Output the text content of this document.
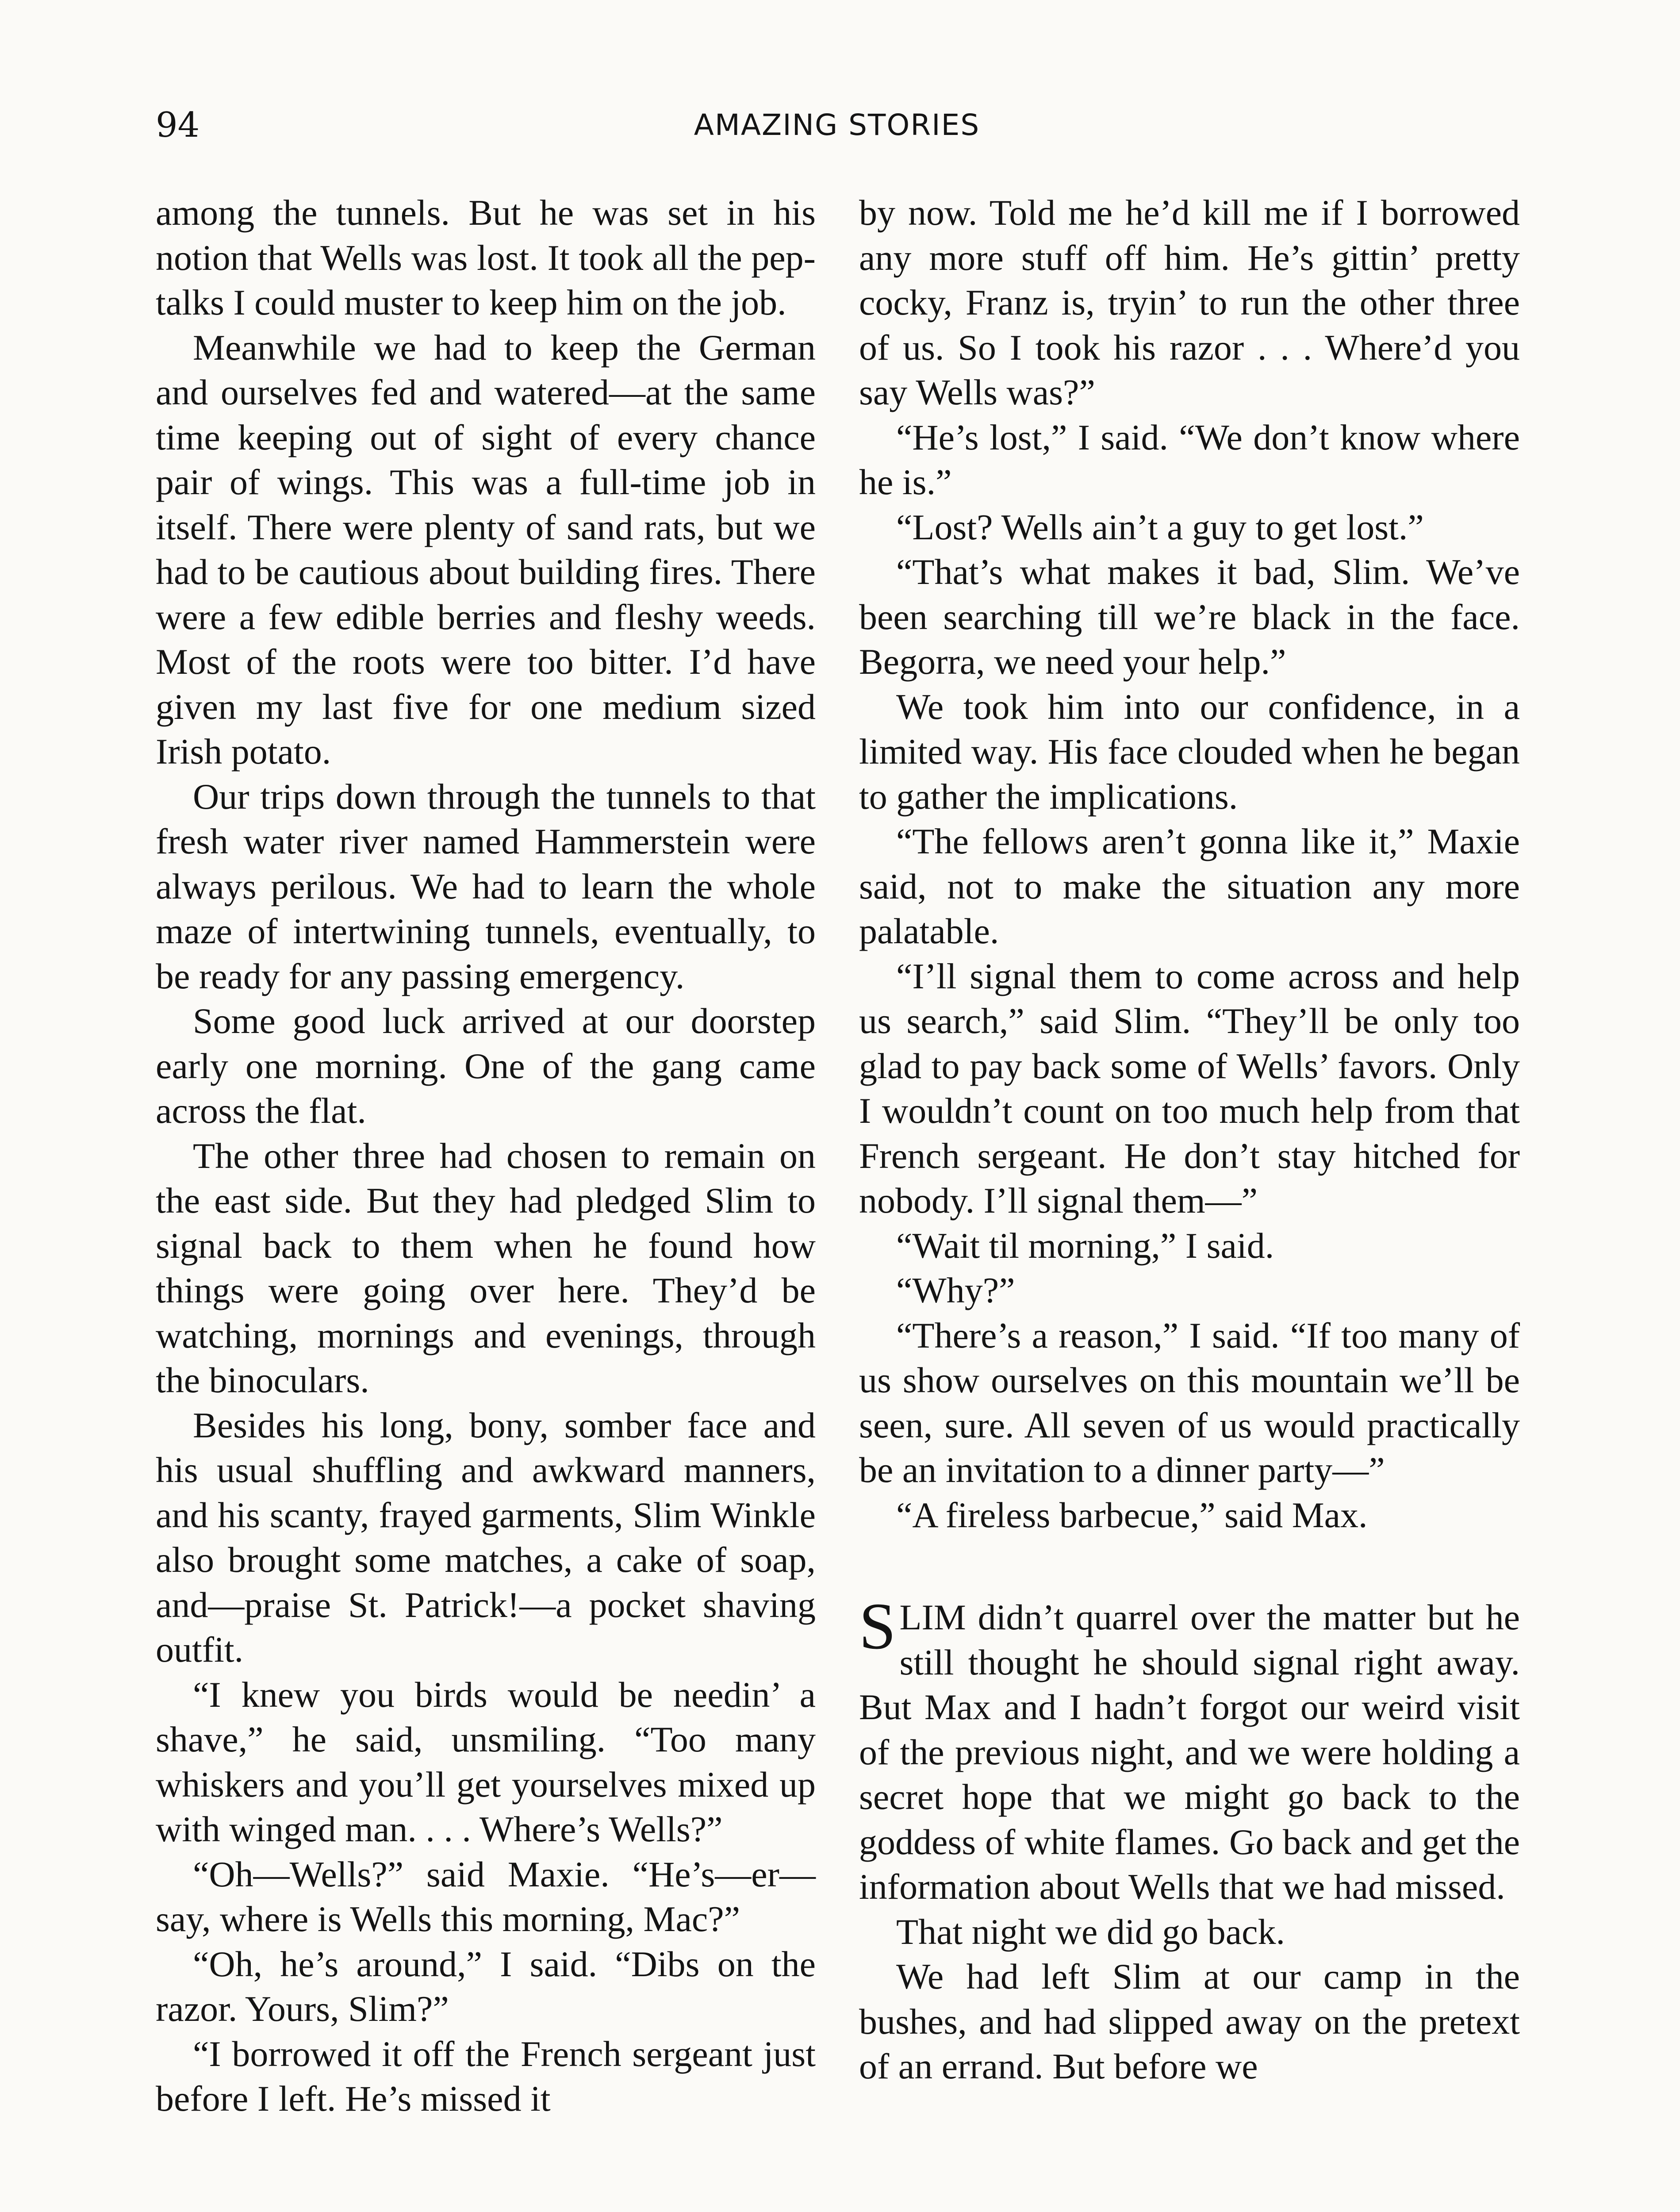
94	AMAZING STORIES

among the tunnels. But he was set in his notion that Wells was lost. It took all the pep-talks I could muster to keep him on the job.

Meanwhile we had to keep the German and ourselves fed and watered—at the same time keeping out of sight of every chance pair of wings. This was a full-time job in itself. There were plenty of sand rats, but we had to be cautious about building fires. There were a few edible berries and fleshy weeds. Most of the roots were too bitter. I’d have given my last five for one medium sized Irish potato.

Our trips down through the tunnels to that fresh water river named Hammerstein were always perilous. We had to learn the whole maze of intertwining tunnels, eventually, to be ready for any passing emergency.

Some good luck arrived at our doorstep early one morning. One of the gang came across the flat.

The other three had chosen to remain on the east side. But they had pledged Slim to signal back to them when he found how things were going over here. They’d be watching, mornings and evenings, through the binoculars.

Besides his long, bony, somber face and his usual shuffling and awkward manners, and his scanty, frayed garments, Slim Winkle also brought some matches, a cake of soap, and—praise St. Patrick!—a pocket shaving outfit.

“I knew you birds would be needin’ a shave,” he said, unsmiling. “Too many whiskers and you’ll get yourselves mixed up with winged man. . . . Where’s Wells?”

“Oh—Wells?” said Maxie. “He’s—er—say, where is Wells this morning, Mac?”

“Oh, he’s around,” I said. “Dibs on the razor. Yours, Slim?”

“I borrowed it off the French sergeant just before I left. He’s missed it

by now. Told me he’d kill me if I borrowed any more stuff off him. He’s gittin’ pretty cocky, Franz is, tryin’ to run the other three of us. So I took his razor . . . Where’d you say Wells was?”

“He’s lost,” I said. “We don’t know where he is.”

“Lost? Wells ain’t a guy to get lost.”

“That’s what makes it bad, Slim. We’ve been searching till we’re black in the face. Begorra, we need your help.”

We took him into our confidence, in a limited way. His face clouded when he began to gather the implications.

“The fellows aren’t gonna like it,” Maxie said, not to make the situation any more palatable.

“I’ll signal them to come across and help us search,” said Slim. “They’ll be only too glad to pay back some of Wells’ favors. Only I wouldn’t count on too much help from that French sergeant. He don’t stay hitched for nobody. I’ll signal them—”

“Wait til morning,” I said.

“Why?”

“There’s a reason,” I said. “If too many of us show ourselves on this mountain we’ll be seen, sure. All seven of us would practically be an invitation to a dinner party—”

“A fireless barbecue,” said Max.

SLIM didn’t quarrel over the matter but he still thought he should signal right away. But Max and I hadn’t forgot our weird visit of the previous night, and we were holding a secret hope that we might go back to the goddess of white flames. Go back and get the information about Wells that we had missed.

That night we did go back.

We had left Slim at our camp in the bushes, and had slipped away on the pretext of an errand. But before we
